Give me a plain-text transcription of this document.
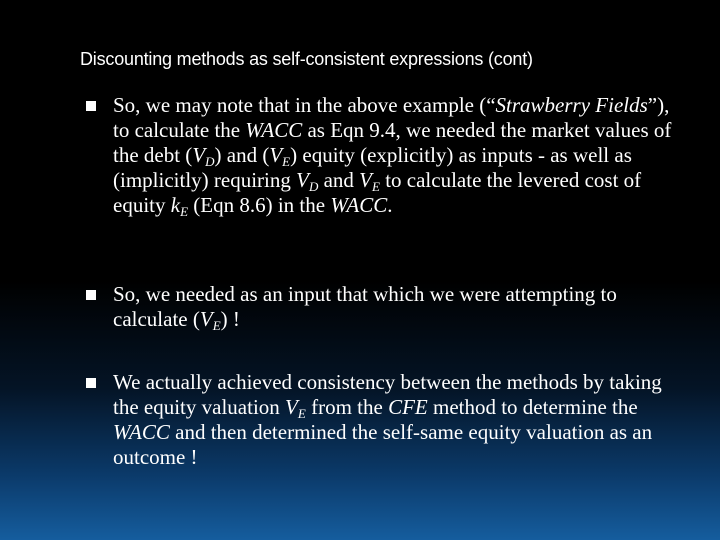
Discounting methods as self-consistent expressions (cont)
So, we may note that in the above example (“Strawberry Fields”), to calculate the WACC as Eqn 9.4, we needed the market values of the debt $(V_D)$ and $(V_E)$ equity (explicitly) as inputs - as well as (implicitly) requiring $V_D$ and $V_E$ to calculate the levered cost of equity $k_E$ (Eqn 8.6) in the WACC.
So, we needed as an input that which we were attempting to calculate $(V_E)$ !
We actually achieved consistency between the methods by taking the equity valuation $V_E$ from the CFE method to determine the WACC and then determined the self-same equity valuation as an outcome !
